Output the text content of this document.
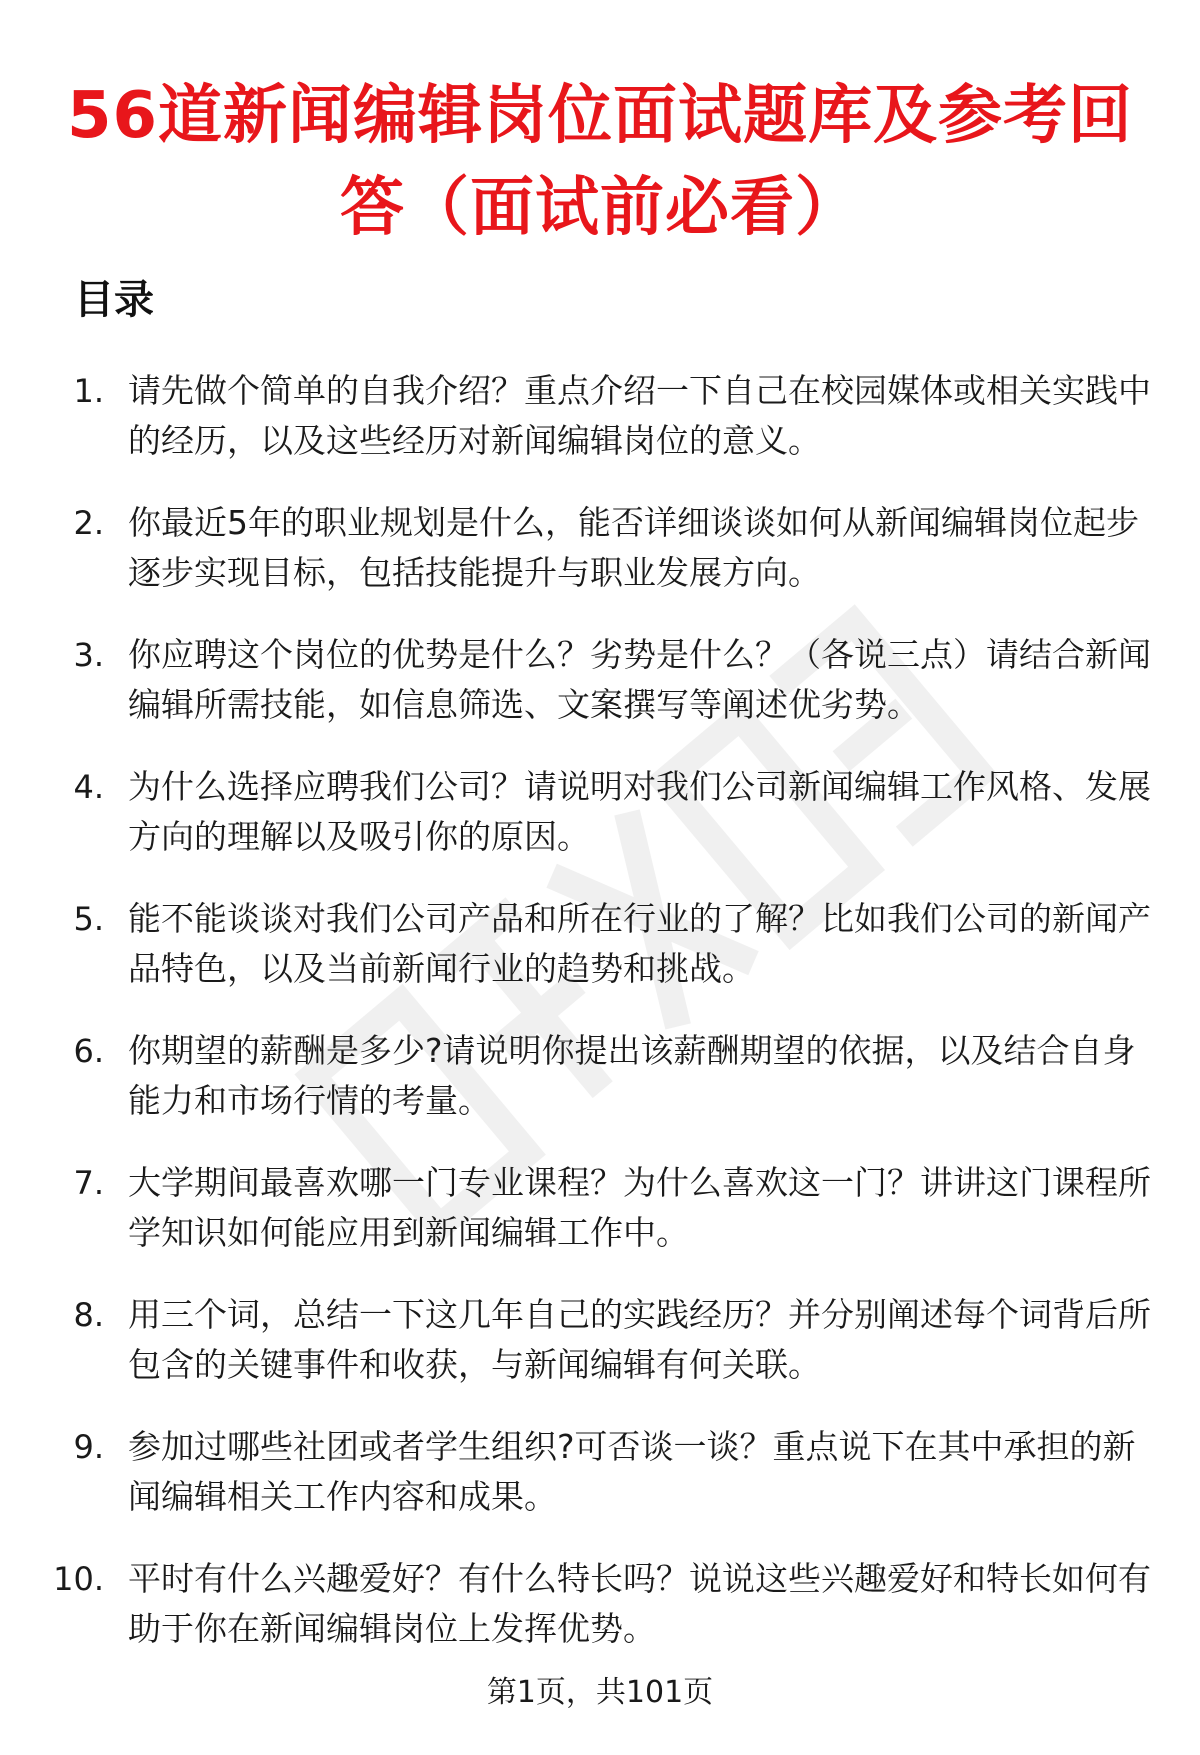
56道新闻编辑岗位面试题库及参考回答（面试前必看）
目录
1. 请先做个简单的自我介绍？重点介绍一下自己在校园媒体或相关实践中的经历，以及这些经历对新闻编辑岗位的意义。
2. 你最近5年的职业规划是什么，能否详细谈谈如何从新闻编辑岗位起步逐步实现目标，包括技能提升与职业发展方向。
3. 你应聘这个岗位的优势是什么？劣势是什么？（各说三点）请结合新闻编辑所需技能，如信息筛选、文案撰写等阐述优劣势。
4. 为什么选择应聘我们公司？请说明对我们公司新闻编辑工作风格、发展方向的理解以及吸引你的原因。
5. 能不能谈谈对我们公司产品和所在行业的了解？比如我们公司的新闻产品特色，以及当前新闻行业的趋势和挑战。
6. 你期望的薪酬是多少?请说明你提出该薪酬期望的依据，以及结合自身能力和市场行情的考量。
7. 大学期间最喜欢哪一门专业课程？为什么喜欢这一门？讲讲这门课程所学知识如何能应用到新闻编辑工作中。
8. 用三个词，总结一下这几年自己的实践经历？并分别阐述每个词背后所包含的关键事件和收获，与新闻编辑有何关联。
9. 参加过哪些社团或者学生组织?可否谈一谈？重点说下在其中承担的新闻编辑相关工作内容和成果。
10. 平时有什么兴趣爱好？有什么特长吗？说说这些兴趣爱好和特长如何有助于你在新闻编辑岗位上发挥优势。
第1页，共101页
